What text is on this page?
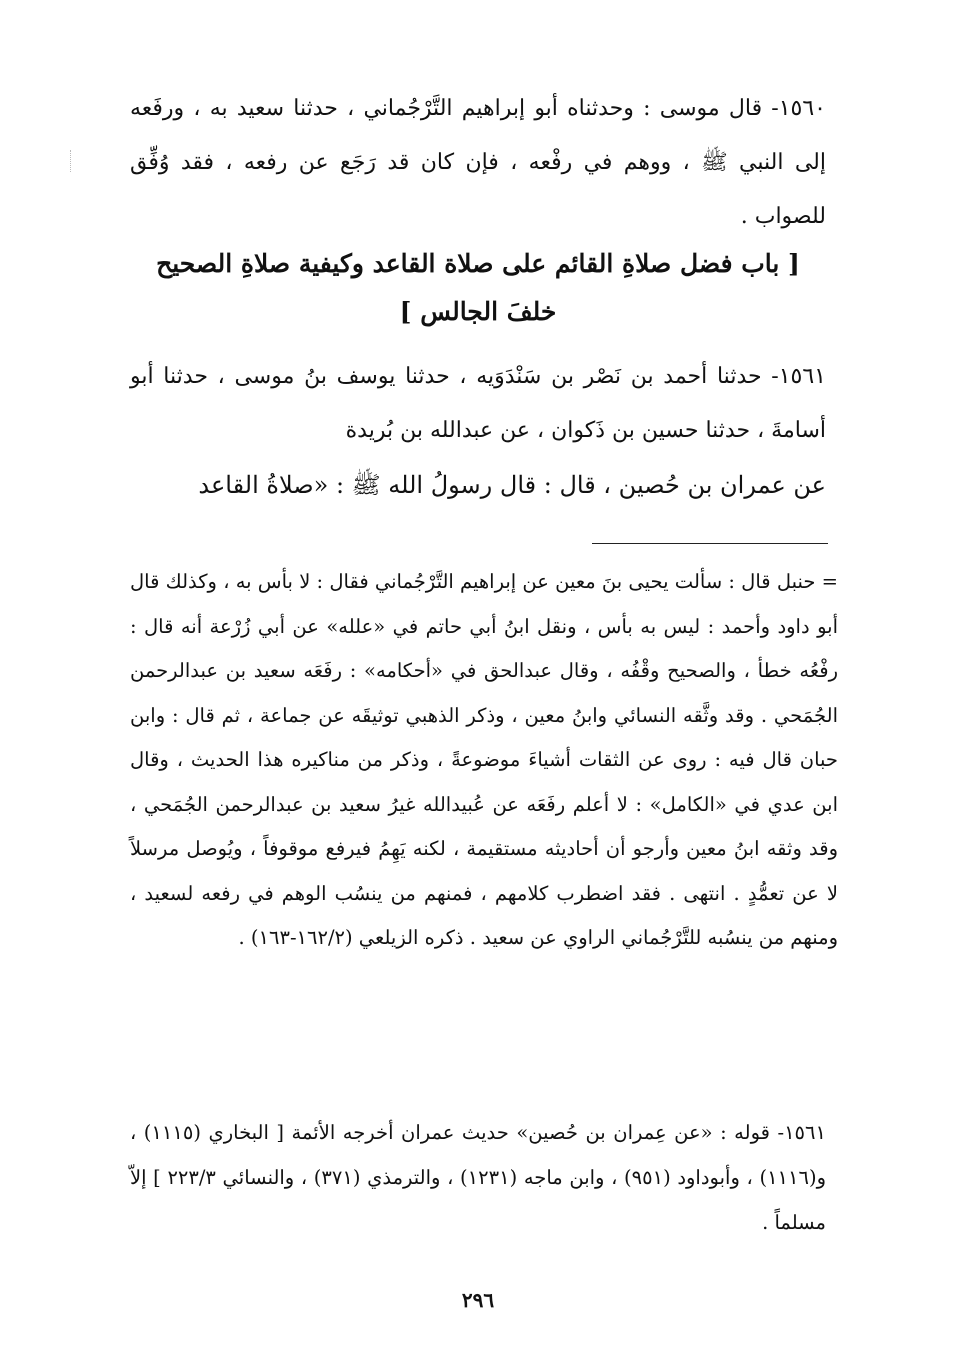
١٥٦٠- قال موسى : وحدثناه أبو إبراهيم التَّرْجُماني ، حدثنا سعيد به ، ورفَعه إلى النبي ﷺ ، ووهم في رفْعه ، فإن كان قد رَجَع عن رفعه ، فقد وُفِّق للصواب .

[ باب فضل صلاةِ القائم على صلاة القاعد وكيفية صلاةِ الصحيح
خلفَ الجالس ]

١٥٦١- حدثنا أحمد بن نَصْر بن سَنْدَوَيه ، حدثنا يوسف بنُ موسى ، حدثنا أبو أسامةَ ، حدثنا حسين بن ذَكوان ، عن عبدالله بن بُريدة

عن عمران بن حُصين ، قال : قال رسولُ الله ﷺ : «صلاةُ القاعد

= حنبل قال : سألت يحيى بنَ معين عن إبراهيم التَّرْجُماني فقال : لا بأس به ، وكذلك قال أبو داود وأحمد : ليس به بأس ، ونقل ابنُ أبي حاتم في «علله» عن أبي زُرْعة أنه قال : رفْعُه خطأ ، والصحيح وقْفُه ، وقال عبدالحق في «أحكامه» : رفَعَه سعيد بن عبدالرحمن الجُمَحي . وقد وثَّقه النسائي وابنُ معين ، وذكر الذهبي توثيقَه عن جماعة ، ثم قال : وابن حبان قال فيه : روى عن الثقات أشياءَ موضوعةً ، وذكر من مناكيره هذا الحديث ، وقال ابن عدي في «الكامل» : لا أعلم رفَعَه عن عُبيدالله غيرُ سعيد بن عبدالرحمن الجُمَحي ، وقد وثقه ابنُ معين وأرجو أن أحاديثه مستقيمة ، لكنه يَهِمُ فيرفع موقوفاً ، ويُوصل مرسلاً لا عن تعمُّدٍ . انتهى . فقد اضطرب كلامهم ، فمنهم من ينسُب الوهم في رفعه لسعيد ، ومنهم من ينسُبه للتَّرْجُماني الراوي عن سعيد . ذكره الزيلعي (١٦٢/٢-١٦٣) .

١٥٦١- قوله : «عن عِمران بن حُصين» حديث عمران أخرجه الأئمة [ البخاري (١١١٥) ، و(١١١٦) ، وأبوداود (٩٥١) ، وابن ماجه (١٢٣١) ، والترمذي (٣٧١) ، والنسائي ٢٢٣/٣ ] إلاّ مسلماً .

٢٩٦
